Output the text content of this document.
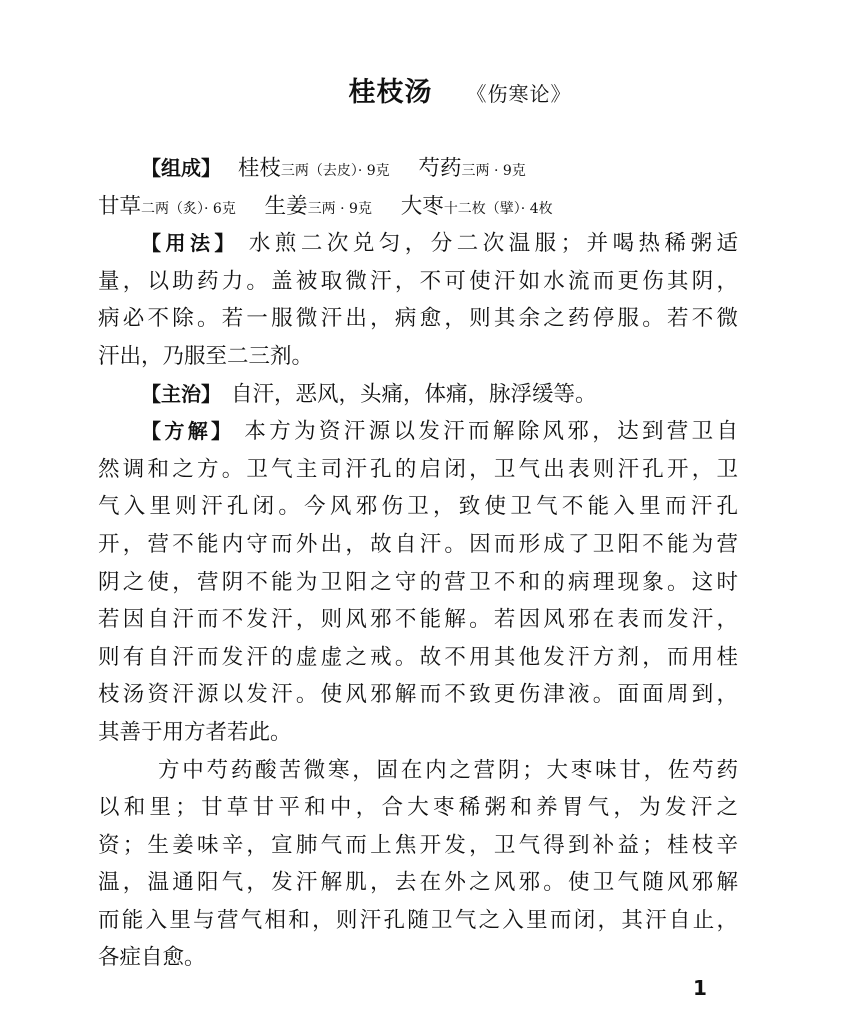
桂枝汤 《伤寒论》
【组成】 桂枝三两（去皮）· 9克 芍药三两 · 9克
甘草二两（炙）· 6克 生姜三两 · 9克 大枣十二枚（擘）· 4枚
【用法】 水煎二次兑匀，分二次温服；并喝热稀粥适
量，以助药力。盖被取微汗，不可使汗如水流而更伤其阴，
病必不除。若一服微汗出，病愈，则其余之药停服。若不微
汗出，乃服至二三剂。
【主治】 自汗，恶风，头痛，体痛，脉浮缓等。
【方解】 本方为资汗源以发汗而解除风邪，达到营卫自
然调和之方。卫气主司汗孔的启闭，卫气出表则汗孔开，卫
气入里则汗孔闭。今风邪伤卫，致使卫气不能入里而汗孔
开，营不能内守而外出，故自汗。因而形成了卫阳不能为营
阴之使，营阴不能为卫阳之守的营卫不和的病理现象。这时
若因自汗而不发汗，则风邪不能解。若因风邪在表而发汗，
则有自汗而发汗的虚虚之戒。故不用其他发汗方剂，而用桂
枝汤资汗源以发汗。使风邪解而不致更伤津液。面面周到，
其善于用方者若此。
方中芍药酸苦微寒，固在内之营阴；大枣味甘，佐芍药
以和里；甘草甘平和中，合大枣稀粥和养胃气，为发汗之
资；生姜味辛，宣肺气而上焦开发，卫气得到补益；桂枝辛
温，温通阳气，发汗解肌，去在外之风邪。使卫气随风邪解
而能入里与营气相和，则汗孔随卫气之入里而闭，其汗自止，
各症自愈。
1
